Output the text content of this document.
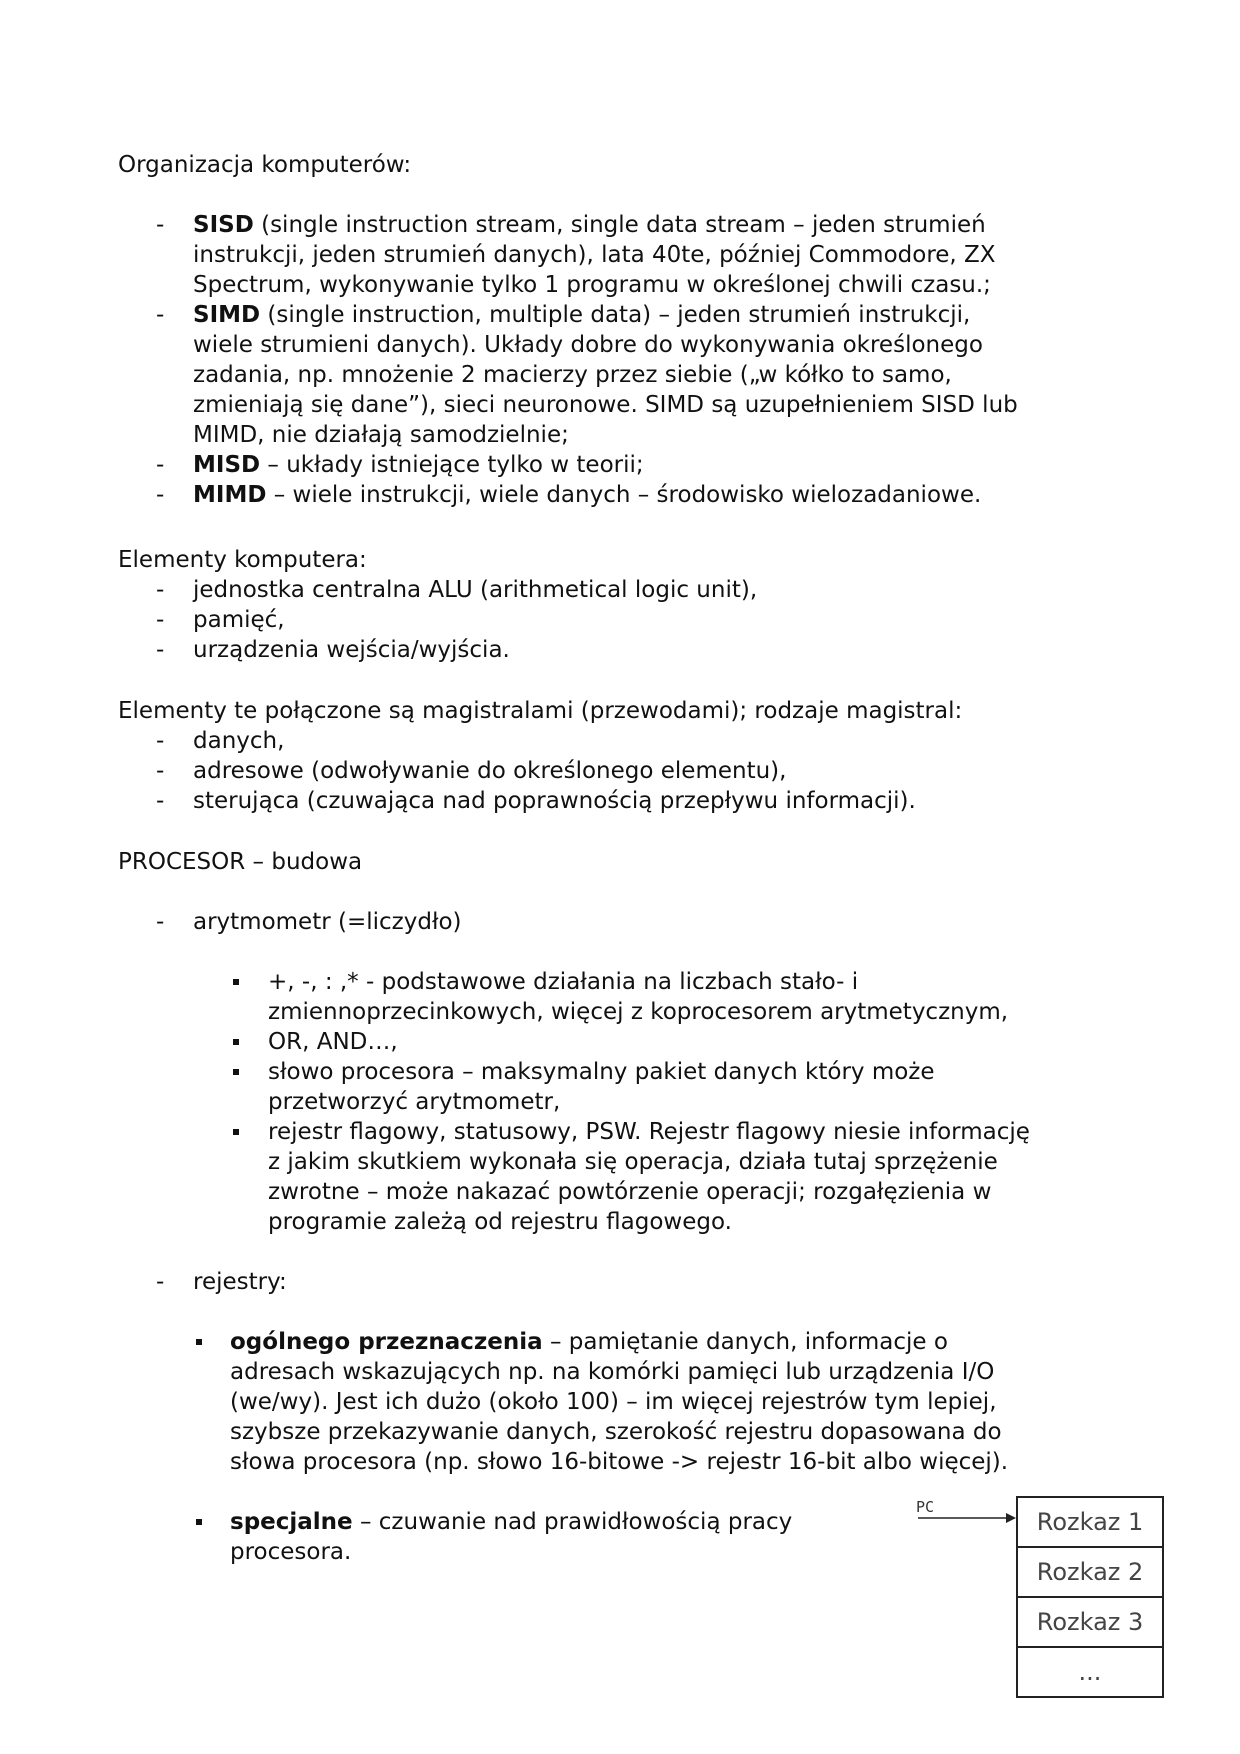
Organizacja komputerów:

- SISD (single instruction stream, single data stream – jeden strumień
instrukcji, jeden strumień danych), lata 40te, później Commodore, ZX
Spectrum, wykonywanie tylko 1 programu w określonej chwili czasu.;
- SIMD (single instruction, multiple data) – jeden strumień instrukcji,
wiele strumieni danych). Układy dobre do wykonywania określonego
zadania, np. mnożenie 2 macierzy przez siebie („w kółko to samo,
zmieniają się dane”), sieci neuronowe. SIMD są uzupełnieniem SISD lub
MIMD, nie działają samodzielnie;
- MISD – układy istniejące tylko w teorii;
- MIMD – wiele instrukcji, wiele danych – środowisko wielozadaniowe.

Elementy komputera:

- jednostka centralna ALU (arithmetical logic unit),
- pamięć,
- urządzenia wejścia/wyjścia.

Elementy te połączone są magistralami (przewodami); rodzaje magistral:

- danych,
- adresowe (odwoływanie do określonego elementu),
- sterująca (czuwająca nad poprawnością przepływu informacji).

PROCESOR – budowa

- arytmometr (=liczydło)
+, -, : ,* - podstawowe działania na liczbach stało- i
zmiennoprzecinkowych, więcej z koprocesorem arytmetycznym,
OR, AND…,
słowo procesora – maksymalny pakiet danych który może
przetworzyć arytmometr,
rejestr flagowy, statusowy, PSW. Rejestr flagowy niesie informację
z jakim skutkiem wykonała się operacja, działa tutaj sprzężenie
zwrotne – może nakazać powtórzenie operacji; rozgałęzienia w
programie zależą od rejestru flagowego.
- rejestry:
ogólnego przeznaczenia – pamiętanie danych, informacje o
adresach wskazujących np. na komórki pamięci lub urządzenia I/O
(we/wy). Jest ich dużo (około 100) – im więcej rejestrów tym lepiej,
szybsze przekazywanie danych, szerokość rejestru dopasowana do
słowa procesora (np. słowo 16-bitowe -> rejestr 16-bit albo więcej).
specjalne – czuwanie nad prawidłowością pracy
procesora.
PC
Rozkaz 1
Rozkaz 2
Rozkaz 3
...
